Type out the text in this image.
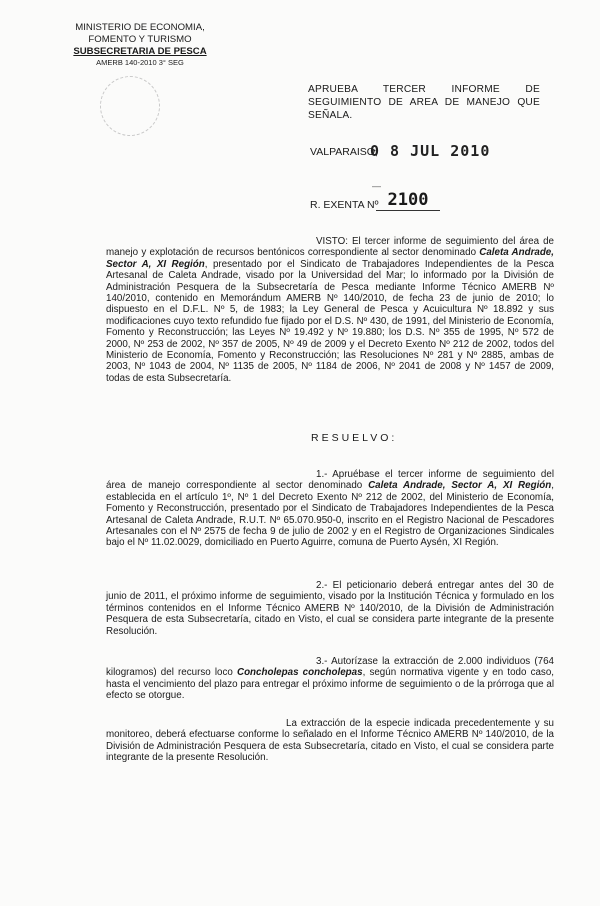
MINISTERIO DE ECONOMIA,
FOMENTO Y TURISMO
SUBSECRETARIA DE PESCA
AMERB 140-2010 3° SEG
APRUEBA TERCER INFORME DE
SEGUIMIENTO DE AREA DE MANEJO QUE
SEÑALA.
VALPARAISO,
0 8 JUL 2010
—
R. EXENTA Nº 2100
VISTO: El tercer informe de seguimiento del área de manejo y explotación de recursos bentónicos correspondiente al sector denominado Caleta Andrade, Sector A, XI Región, presentado por el Sindicato de Trabajadores Independientes de la Pesca Artesanal de Caleta Andrade, visado por la Universidad del Mar; lo informado por la División de Administración Pesquera de la Subsecretaría de Pesca mediante Informe Técnico AMERB Nº 140/2010, contenido en Memorándum AMERB Nº 140/2010, de fecha 23 de junio de 2010; lo dispuesto en el D.F.L. Nº 5, de 1983; la Ley General de Pesca y Acuicultura Nº 18.892 y sus modificaciones cuyo texto refundido fue fijado por el D.S. Nº 430, de 1991, del Ministerio de Economía, Fomento y Reconstrucción; las Leyes Nº 19.492 y Nº 19.880; los D.S. Nº 355 de 1995, Nº 572 de 2000, Nº 253 de 2002, Nº 357 de 2005, Nº 49 de 2009 y el Decreto Exento Nº 212 de 2002, todos del Ministerio de Economía, Fomento y Reconstrucción; las Resoluciones Nº 281 y Nº 2885, ambas de 2003, Nº 1043 de 2004, Nº 1135 de 2005, Nº 1184 de 2006, Nº 2041 de 2008 y Nº 1457 de 2009, todas de esta Subsecretaría.
RESUELVO:
1.- Apruébase el tercer informe de seguimiento del área de manejo correspondiente al sector denominado Caleta Andrade, Sector A, XI Región, establecida en el artículo 1º, Nº 1 del Decreto Exento Nº 212 de 2002, del Ministerio de Economía, Fomento y Reconstrucción, presentado por el Sindicato de Trabajadores Independientes de la Pesca Artesanal de Caleta Andrade, R.U.T. Nº 65.070.950-0, inscrito en el Registro Nacional de Pescadores Artesanales con el Nº 2575 de fecha 9 de julio de 2002 y en el Registro de Organizaciones Sindicales bajo el Nº 11.02.0029, domiciliado en Puerto Aguirre, comuna de Puerto Aysén, XI Región.
2.- El peticionario deberá entregar antes del 30 de junio de 2011, el próximo informe de seguimiento, visado por la Institución Técnica y formulado en los términos contenidos en el Informe Técnico AMERB Nº 140/2010, de la División de Administración Pesquera de esta Subsecretaría, citado en Visto, el cual se considera parte integrante de la presente Resolución.
3.- Autorízase la extracción de 2.000 individuos (764 kilogramos) del recurso loco Concholepas concholepas, según normativa vigente y en todo caso, hasta el vencimiento del plazo para entregar el próximo informe de seguimiento o de la prórroga que al efecto se otorgue.
La extracción de la especie indicada precedentemente y su monitoreo, deberá efectuarse conforme lo señalado en el Informe Técnico AMERB Nº 140/2010, de la División de Administración Pesquera de esta Subsecretaría, citado en Visto, el cual se considera parte integrante de la presente Resolución.
